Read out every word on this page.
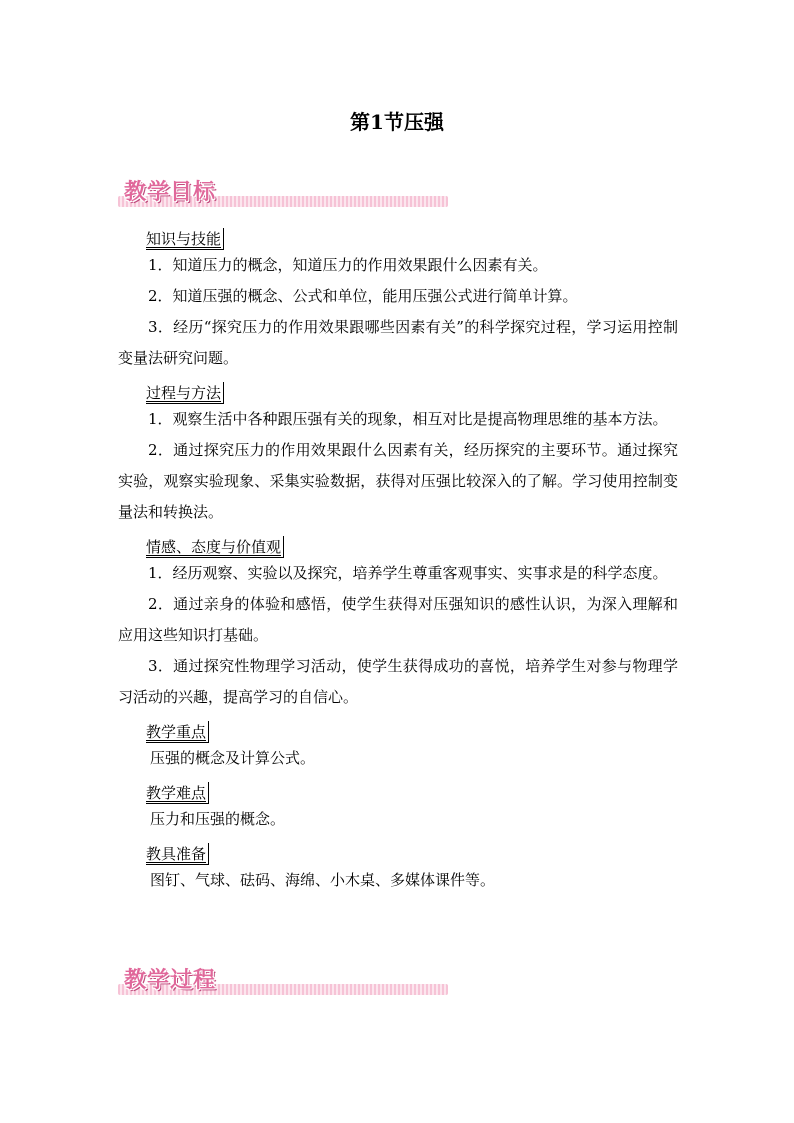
第1节压强
教学目标
知识与技能

1．知道压力的概念，知道压力的作用效果跟什么因素有关。

2．知道压强的概念、公式和单位，能用压强公式进行简单计算。

3．经历“探究压力的作用效果跟哪些因素有关”的科学探究过程，学习运用控制变量法研究问题。

过程与方法

1．观察生活中各种跟压强有关的现象，相互对比是提高物理思维的基本方法。

2．通过探究压力的作用效果跟什么因素有关，经历探究的主要环节。通过探究实验，观察实验现象、采集实验数据，获得对压强比较深入的了解。学习使用控制变量法和转换法。

情感、态度与价值观

1．经历观察、实验以及探究，培养学生尊重客观事实、实事求是的科学态度。

2．通过亲身的体验和感悟，使学生获得对压强知识的感性认识，为深入理解和应用这些知识打基础。

3．通过探究性物理学习活动，使学生获得成功的喜悦，培养学生对参与物理学习活动的兴趣，提高学习的自信心。

教学重点

压强的概念及计算公式。

教学难点

压力和压强的概念。

教具准备

图钉、气球、砝码、海绵、小木桌、多媒体课件等。

教学过程
